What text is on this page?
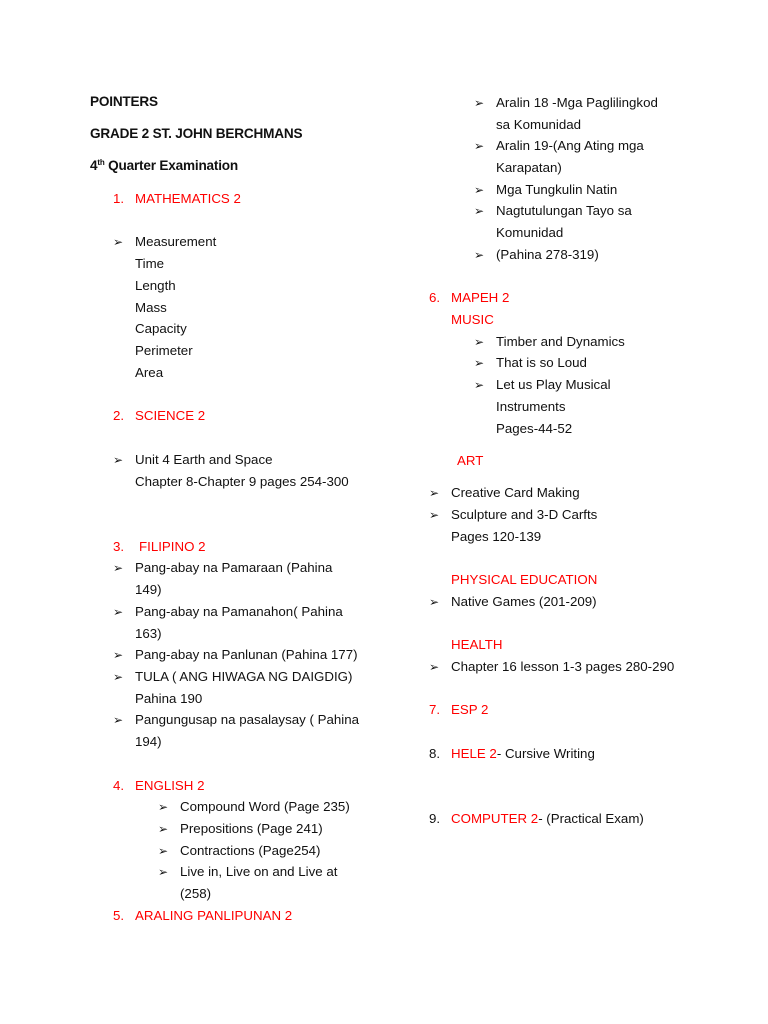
POINTERS
GRADE 2 ST. JOHN BERCHMANS
4th Quarter Examination
1. MATHEMATICS 2
➢ Measurement
Time
Length
Mass
Capacity
Perimeter
Area
2. SCIENCE 2
➢ Unit 4 Earth and Space
Chapter 8-Chapter 9 pages 254-300
3. FILIPINO 2
➢ Pang-abay na Pamaraan (Pahina
149)
➢ Pang-abay na Pamanahon( Pahina
163)
➢ Pang-abay na Panlunan (Pahina 177)
➢ TULA ( ANG HIWAGA NG DAIGDIG)
Pahina 190
➢ Pangungusap na pasalaysay ( Pahina
194)
4. ENGLISH 2
➢ Compound Word (Page 235)
➢ Prepositions (Page 241)
➢ Contractions (Page254)
➢ Live in, Live on and Live at
(258)
5. ARALING PANLIPUNAN 2
➢ Aralin 18 -Mga Paglilingkod
sa Komunidad
➢ Aralin 19-(Ang Ating mga
Karapatan)
➢ Mga Tungkulin Natin
➢ Nagtutulungan Tayo sa
Komunidad
➢ (Pahina 278-319)
6. MAPEH 2
MUSIC
➢ Timber and Dynamics
➢ That is so Loud
➢ Let us Play Musical
Instruments
Pages-44-52
ART
➢ Creative Card Making
➢ Sculpture and 3-D Carfts
Pages 120-139
PHYSICAL EDUCATION
➢ Native Games (201-209)
HEALTH
➢ Chapter 16 lesson 1-3 pages 280-290
7. ESP 2
8. HELE 2- Cursive Writing
9. COMPUTER 2- (Practical Exam)
